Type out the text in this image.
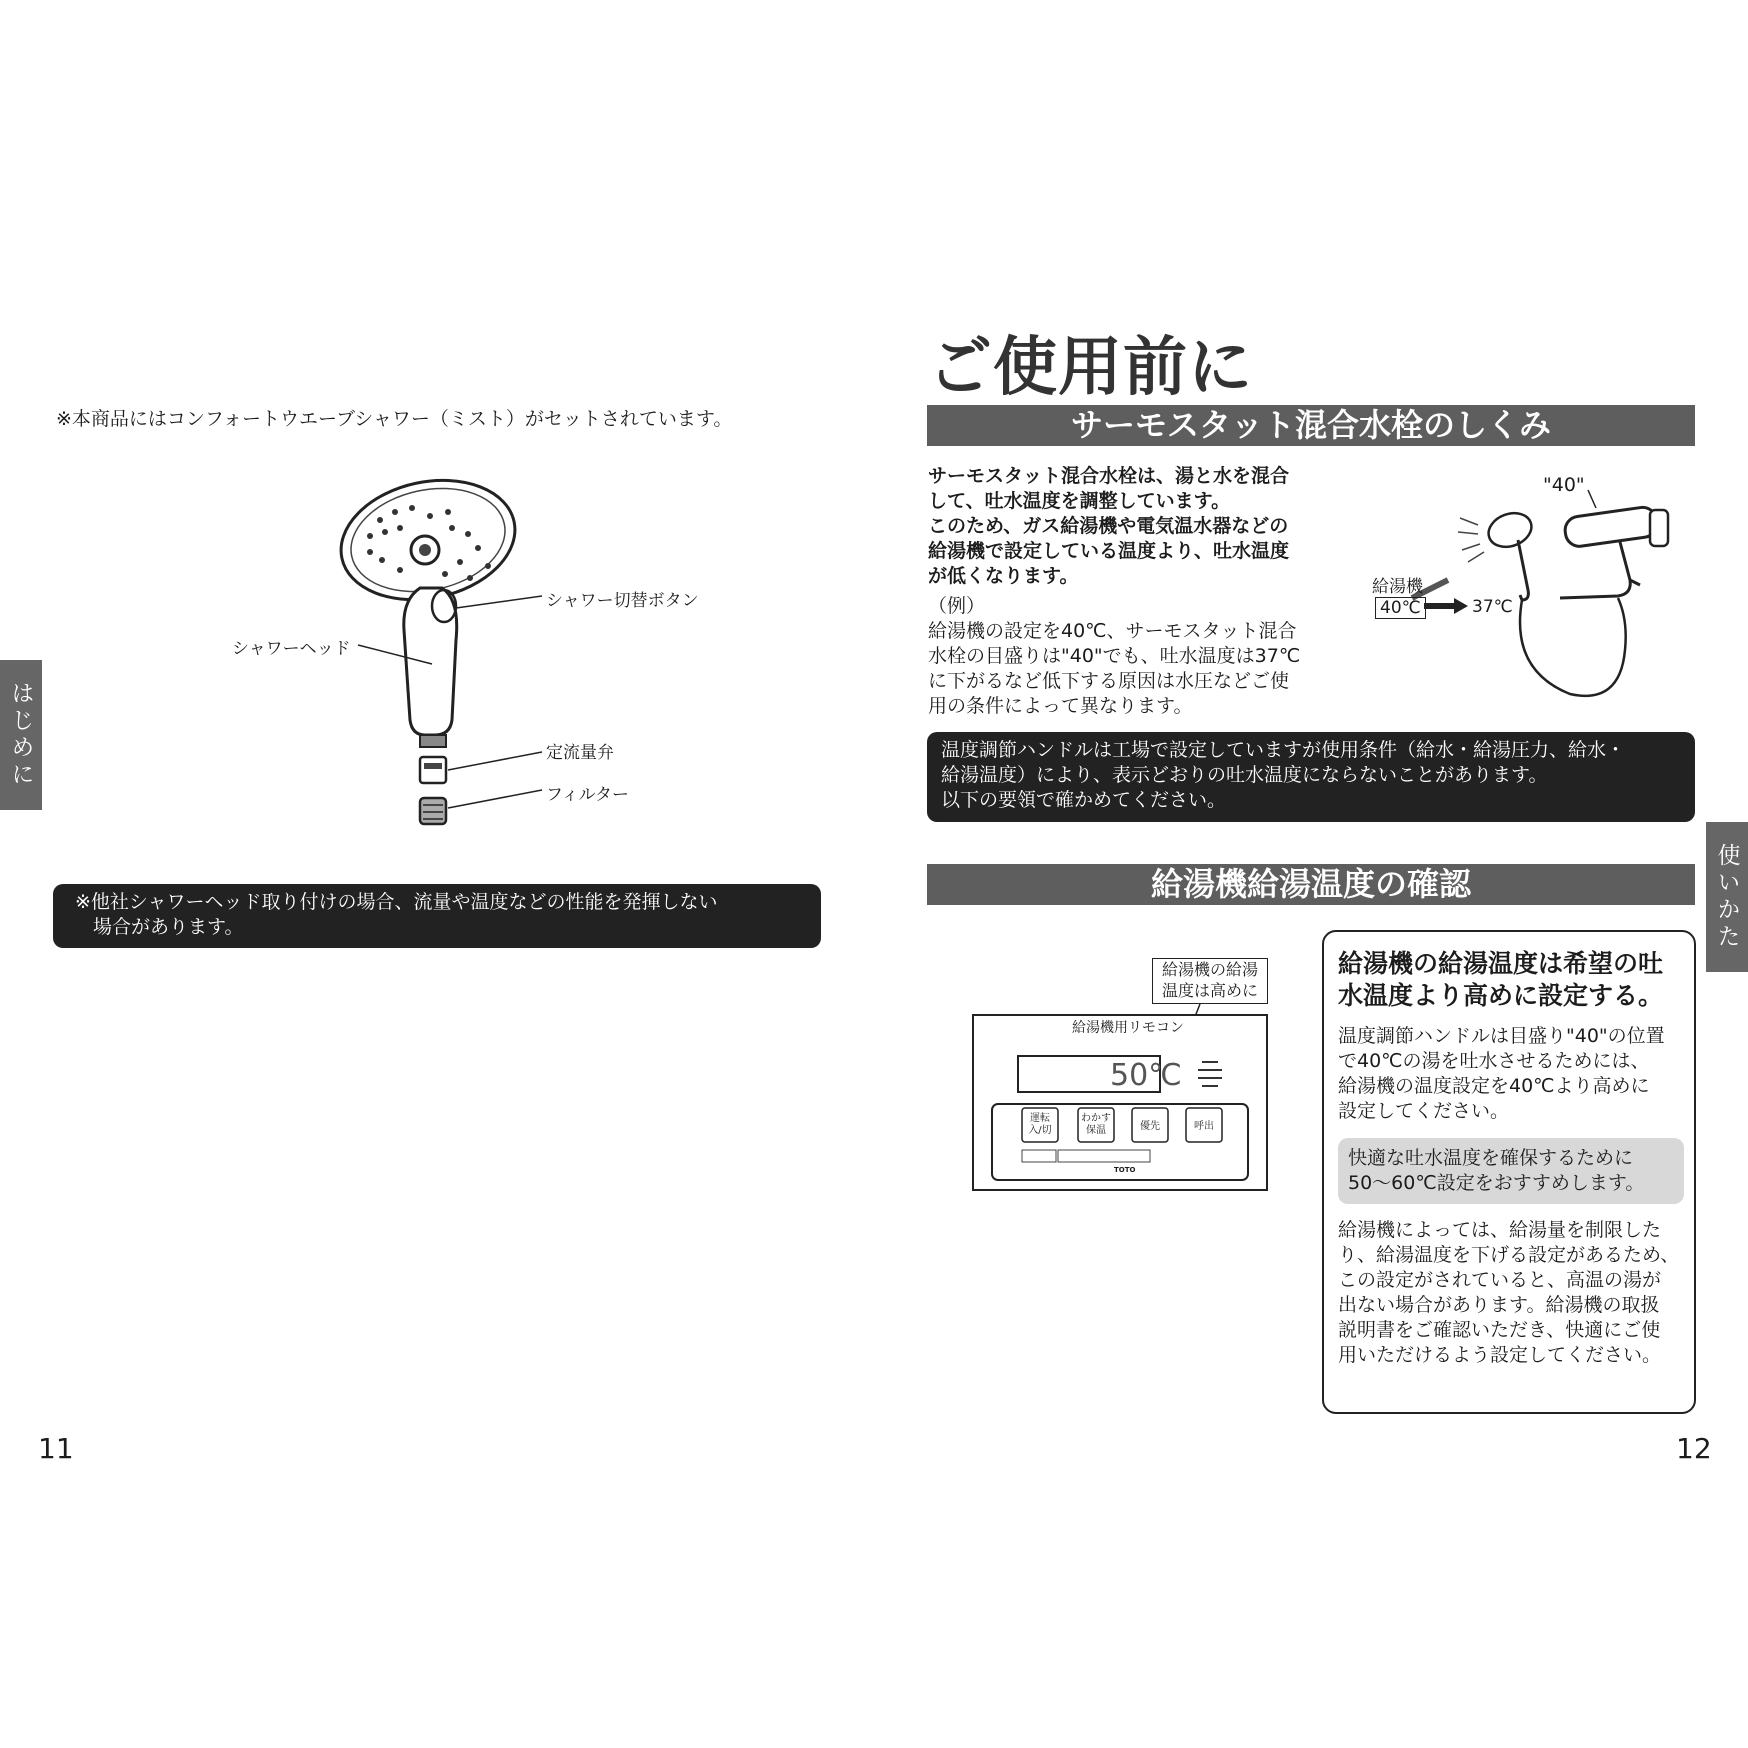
※本商品にはコンフォートウエーブシャワー（ミスト）がセットされています。
シャワー切替ボタン
シャワーヘッド
定流量弁
フィルター
はじめに
※他社シャワーヘッド取り付けの場合、流量や温度などの性能を発揮しない
場合があります。
11
ご使用前に
サーモスタット混合水栓のしくみ
サーモスタット混合水栓は、湯と水を混合
して、吐水温度を調整しています。
このため、ガス給湯機や電気温水器などの
給湯機で設定している温度より、吐水温度
が低くなります。
（例）
給湯機の設定を40℃、サーモスタット混合
水栓の目盛りは"40"でも、吐水温度は37℃
に下がるなど低下する原因は水圧などご使
用の条件によって異なります。
"40"
給湯機
40℃	37℃
温度調節ハンドルは工場で設定していますが使用条件（給水・給湯圧力、給水・
給湯温度）により、表示どおりの吐水温度にならないことがあります。
以下の要領で確かめてください。
給湯機給湯温度の確認
給湯機の給湯
温度は高めに
給湯機用リモコン
50℃
運転入/切
わかす保温	優先	呼出
TOTO
給湯機の給湯温度は希望の吐
水温度より高めに設定する。
温度調節ハンドルは目盛り"40"の位置
で40℃の湯を吐水させるためには、
給湯機の温度設定を40℃より高めに
設定してください。
快適な吐水温度を確保するために
50～60℃設定をおすすめします。
給湯機によっては、給湯量を制限した
り、給湯温度を下げる設定があるため、
この設定がされていると、高温の湯が
出ない場合があります。給湯機の取扱
説明書をご確認いただき、快適にご使
用いただけるよう設定してください。
使いかた
12
